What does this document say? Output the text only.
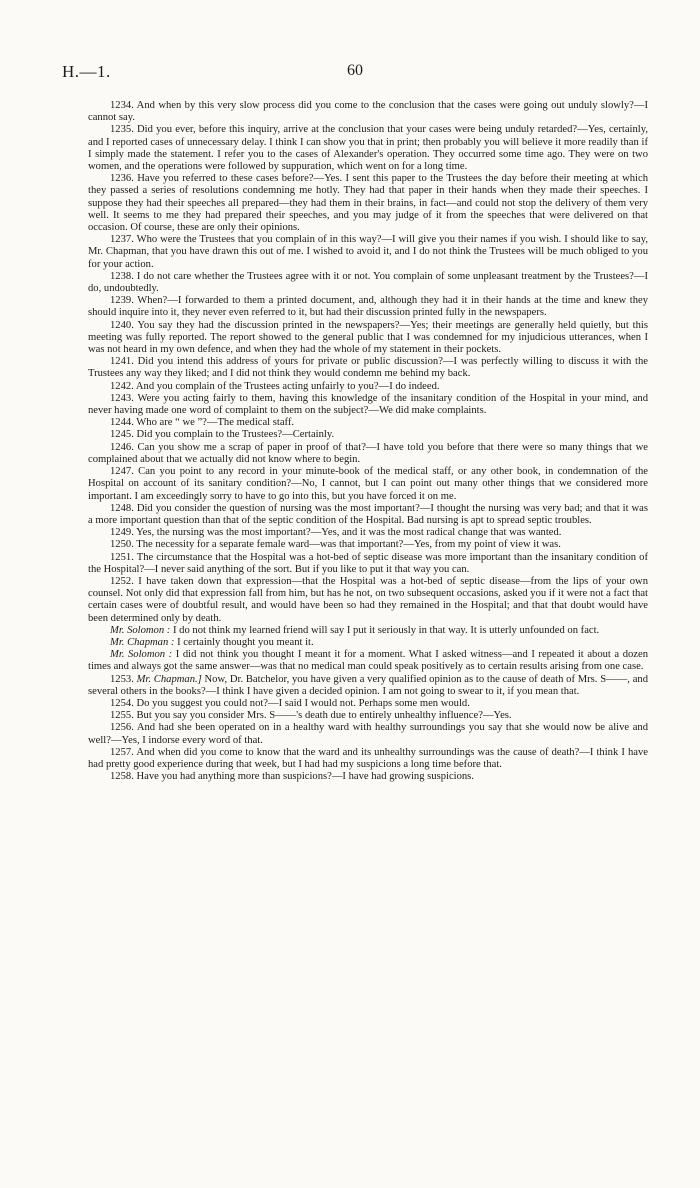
H.—1.	60

1234. And when by this very slow process did you come to the conclusion that the cases were going out unduly slowly?—I cannot say.

1235. Did you ever, before this inquiry, arrive at the conclusion that your cases were being unduly retarded?—Yes, certainly, and I reported cases of unnecessary delay. I think I can show you that in print; then probably you will believe it more readily than if I simply made the statement. I refer you to the cases of Alexander's operation. They occurred some time ago. They were on two women, and the operations were followed by suppuration, which went on for a long time.

1236. Have you referred to these cases before?—Yes. I sent this paper to the Trustees the day before their meeting at which they passed a series of resolutions condemning me hotly. They had that paper in their hands when they made their speeches. I suppose they had their speeches all prepared—they had them in their brains, in fact—and could not stop the delivery of them very well. It seems to me they had prepared their speeches, and you may judge of it from the speeches that were delivered on that occasion. Of course, these are only their opinions.

1237. Who were the Trustees that you complain of in this way?—I will give you their names if you wish. I should like to say, Mr. Chapman, that you have drawn this out of me. I wished to avoid it, and I do not think the Trustees will be much obliged to you for your action.

1238. I do not care whether the Trustees agree with it or not. You complain of some unpleasant treatment by the Trustees?—I do, undoubtedly.

1239. When?—I forwarded to them a printed document, and, although they had it in their hands at the time and knew they should inquire into it, they never even referred to it, but had their discussion printed fully in the newspapers.

1240. You say they had the discussion printed in the newspapers?—Yes; their meetings are generally held quietly, but this meeting was fully reported. The report showed to the general public that I was condemned for my injudicious utterances, when I was not heard in my own defence, and when they had the whole of my statement in their pockets.

1241. Did you intend this address of yours for private or public discussion?—I was perfectly willing to discuss it with the Trustees any way they liked; and I did not think they would condemn me behind my back.

1242. And you complain of the Trustees acting unfairly to you?—I do indeed.

1243. Were you acting fairly to them, having this knowledge of the insanitary condition of the Hospital in your mind, and never having made one word of complaint to them on the subject?—We did make complaints.

1244. Who are “ we ”?—The medical staff.

1245. Did you complain to the Trustees?—Certainly.

1246. Can you show me a scrap of paper in proof of that?—I have told you before that there were so many things that we complained about that we actually did not know where to begin.

1247. Can you point to any record in your minute-book of the medical staff, or any other book, in condemnation of the Hospital on account of its sanitary condition?—No, I cannot, but I can point out many other things that we considered more important. I am exceedingly sorry to have to go into this, but you have forced it on me.

1248. Did you consider the question of nursing was the most important?—I thought the nursing was very bad; and that it was a more important question than that of the septic condition of the Hospital. Bad nursing is apt to spread septic troubles.

1249. Yes, the nursing was the most important?—Yes, and it was the most radical change that was wanted.

1250. The necessity for a separate female ward—was that important?—Yes, from my point of view it was.

1251. The circumstance that the Hospital was a hot-bed of septic disease was more important than the insanitary condition of the Hospital?—I never said anything of the sort. But if you like to put it that way you can.

1252. I have taken down that expression—that the Hospital was a hot-bed of septic disease—from the lips of your own counsel. Not only did that expression fall from him, but has he not, on two subsequent occasions, asked you if it were not a fact that certain cases were of doubtful result, and would have been so had they remained in the Hospital; and that that doubt would have been determined only by death.

Mr. Solomon : I do not think my learned friend will say I put it seriously in that way. It is utterly unfounded on fact.

Mr. Chapman : I certainly thought you meant it.

Mr. Solomon : I did not think you thought I meant it for a moment. What I asked witness—and I repeated it about a dozen times and always got the same answer—was that no medical man could speak positively as to certain results arising from one case.

1253. Mr. Chapman.] Now, Dr. Batchelor, you have given a very qualified opinion as to the cause of death of Mrs. S——, and several others in the books?—I think I have given a decided opinion. I am not going to swear to it, if you mean that.

1254. Do you suggest you could not?—I said I would not. Perhaps some men would.

1255. But you say you consider Mrs. S——'s death due to entirely unhealthy influence?—Yes.

1256. And had she been operated on in a healthy ward with healthy surroundings you say that she would now be alive and well?—Yes, I indorse every word of that.

1257. And when did you come to know that the ward and its unhealthy surroundings was the cause of death?—I think I have had pretty good experience during that week, but I had had my suspicions a long time before that.

1258. Have you had anything more than suspicions?—I have had growing suspicions.
